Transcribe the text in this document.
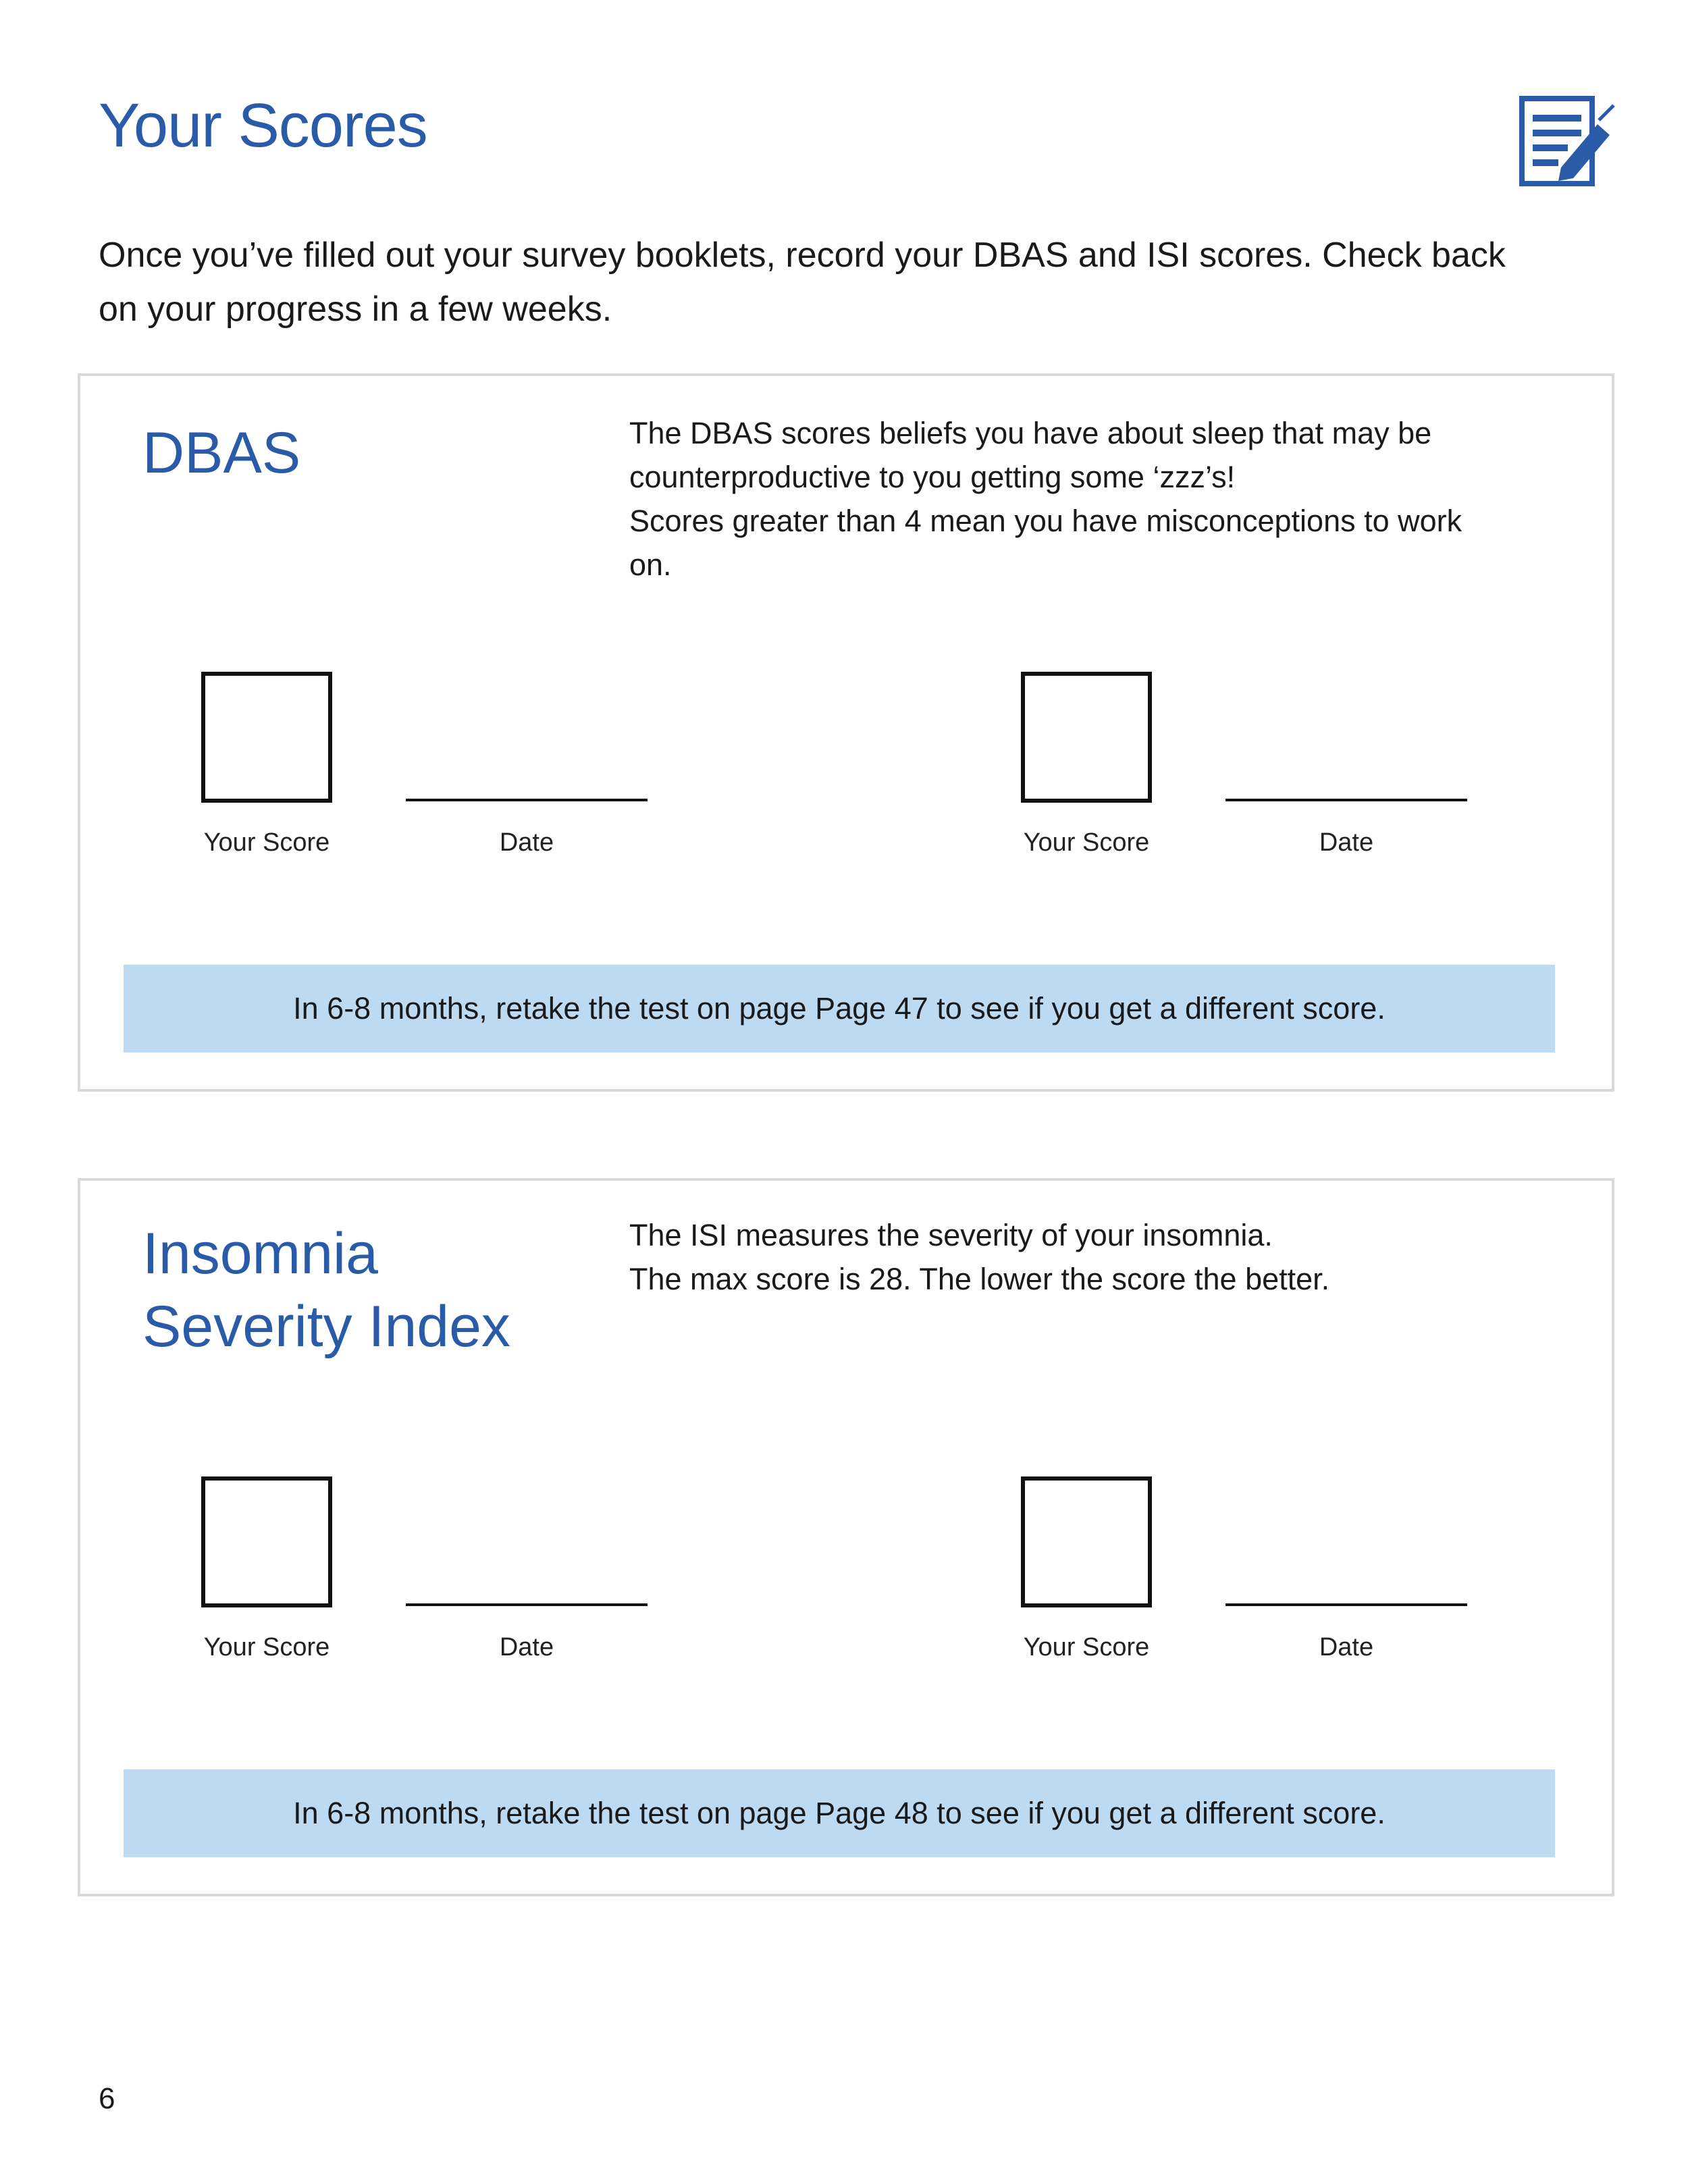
Your Scores

Once you’ve filled out your survey booklets, record your DBAS and ISI scores. Check back on your progress in a few weeks.

DBAS	The DBAS scores beliefs you have about sleep that may be counterproductive to you getting some ‘zzz’s!
Scores greater than 4 mean you have misconceptions to work on.
Your Score	Date	Your Score	Date
In 6-8 months, retake the test on page Page 47 to see if you get a different score.
Insomnia Severity Index
The ISI measures the severity of your insomnia.
The max score is 28. The lower the score the better.
Your Score	Date	Your Score	Date
In 6-8 months, retake the test on page Page 48 to see if you get a different score.
6
